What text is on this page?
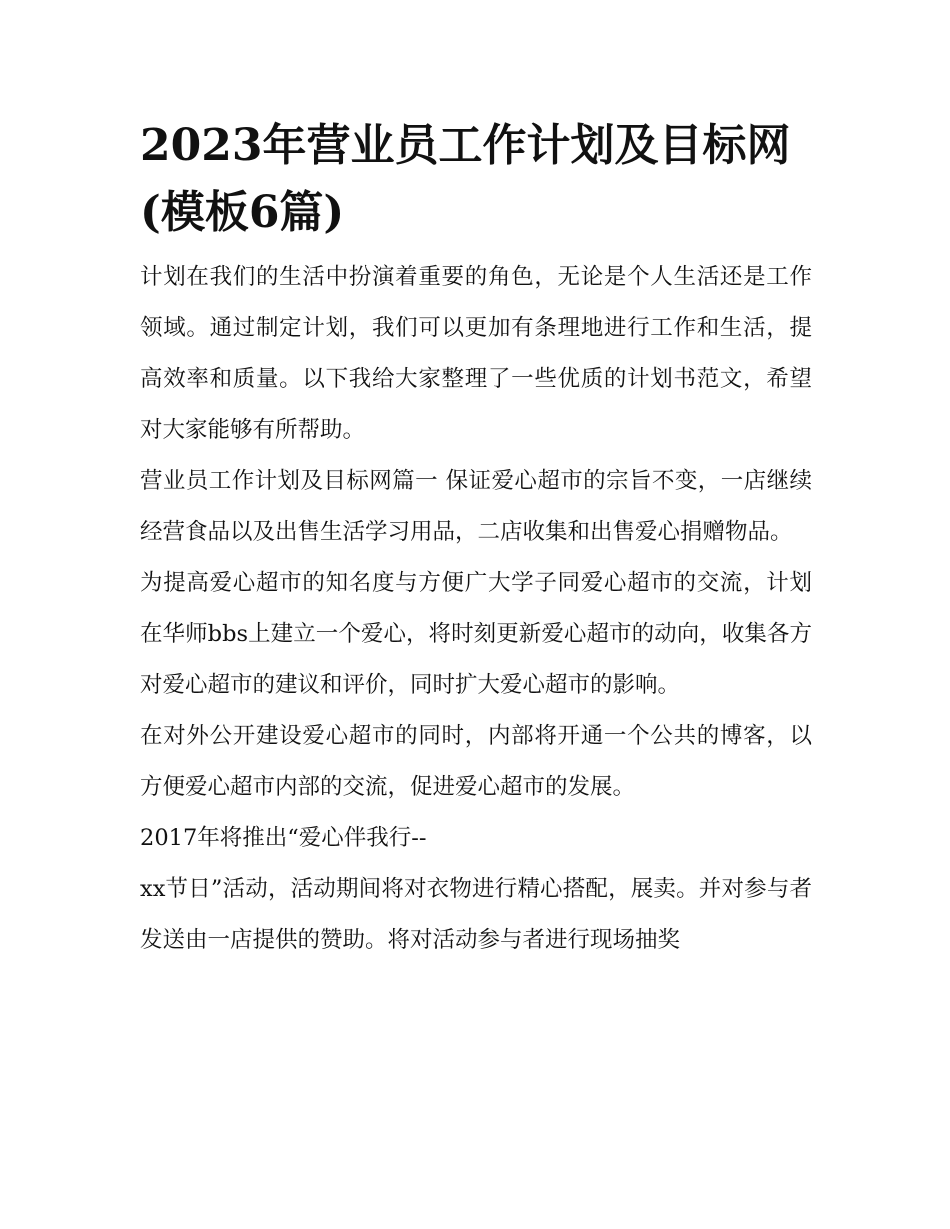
2023年营业员工作计划及目标网(模板6篇)

计划在我们的生活中扮演着重要的角色，无论是个人生活还是工作领域。通过制定计划，我们可以更加有条理地进行工作和生活，提高效率和质量。以下我给大家整理了一些优质的计划书范文，希望对大家能够有所帮助。

营业员工作计划及目标网篇一 保证爱心超市的宗旨不变，一店继续经营食品以及出售生活学习用品，二店收集和出售爱心捐赠物品。

为提高爱心超市的知名度与方便广大学子同爱心超市的交流，计划在华师bbs上建立一个爱心，将时刻更新爱心超市的动向，收集各方对爱心超市的建议和评价，同时扩大爱心超市的影响。

在对外公开建设爱心超市的同时，内部将开通一个公共的博客，以方便爱心超市内部的交流，促进爱心超市的发展。

2017年将推出“爱心伴我行--

xx节日”活动，活动期间将对衣物进行精心搭配，展卖。并对参与者发送由一店提供的赞助。将对活动参与者进行现场抽奖
